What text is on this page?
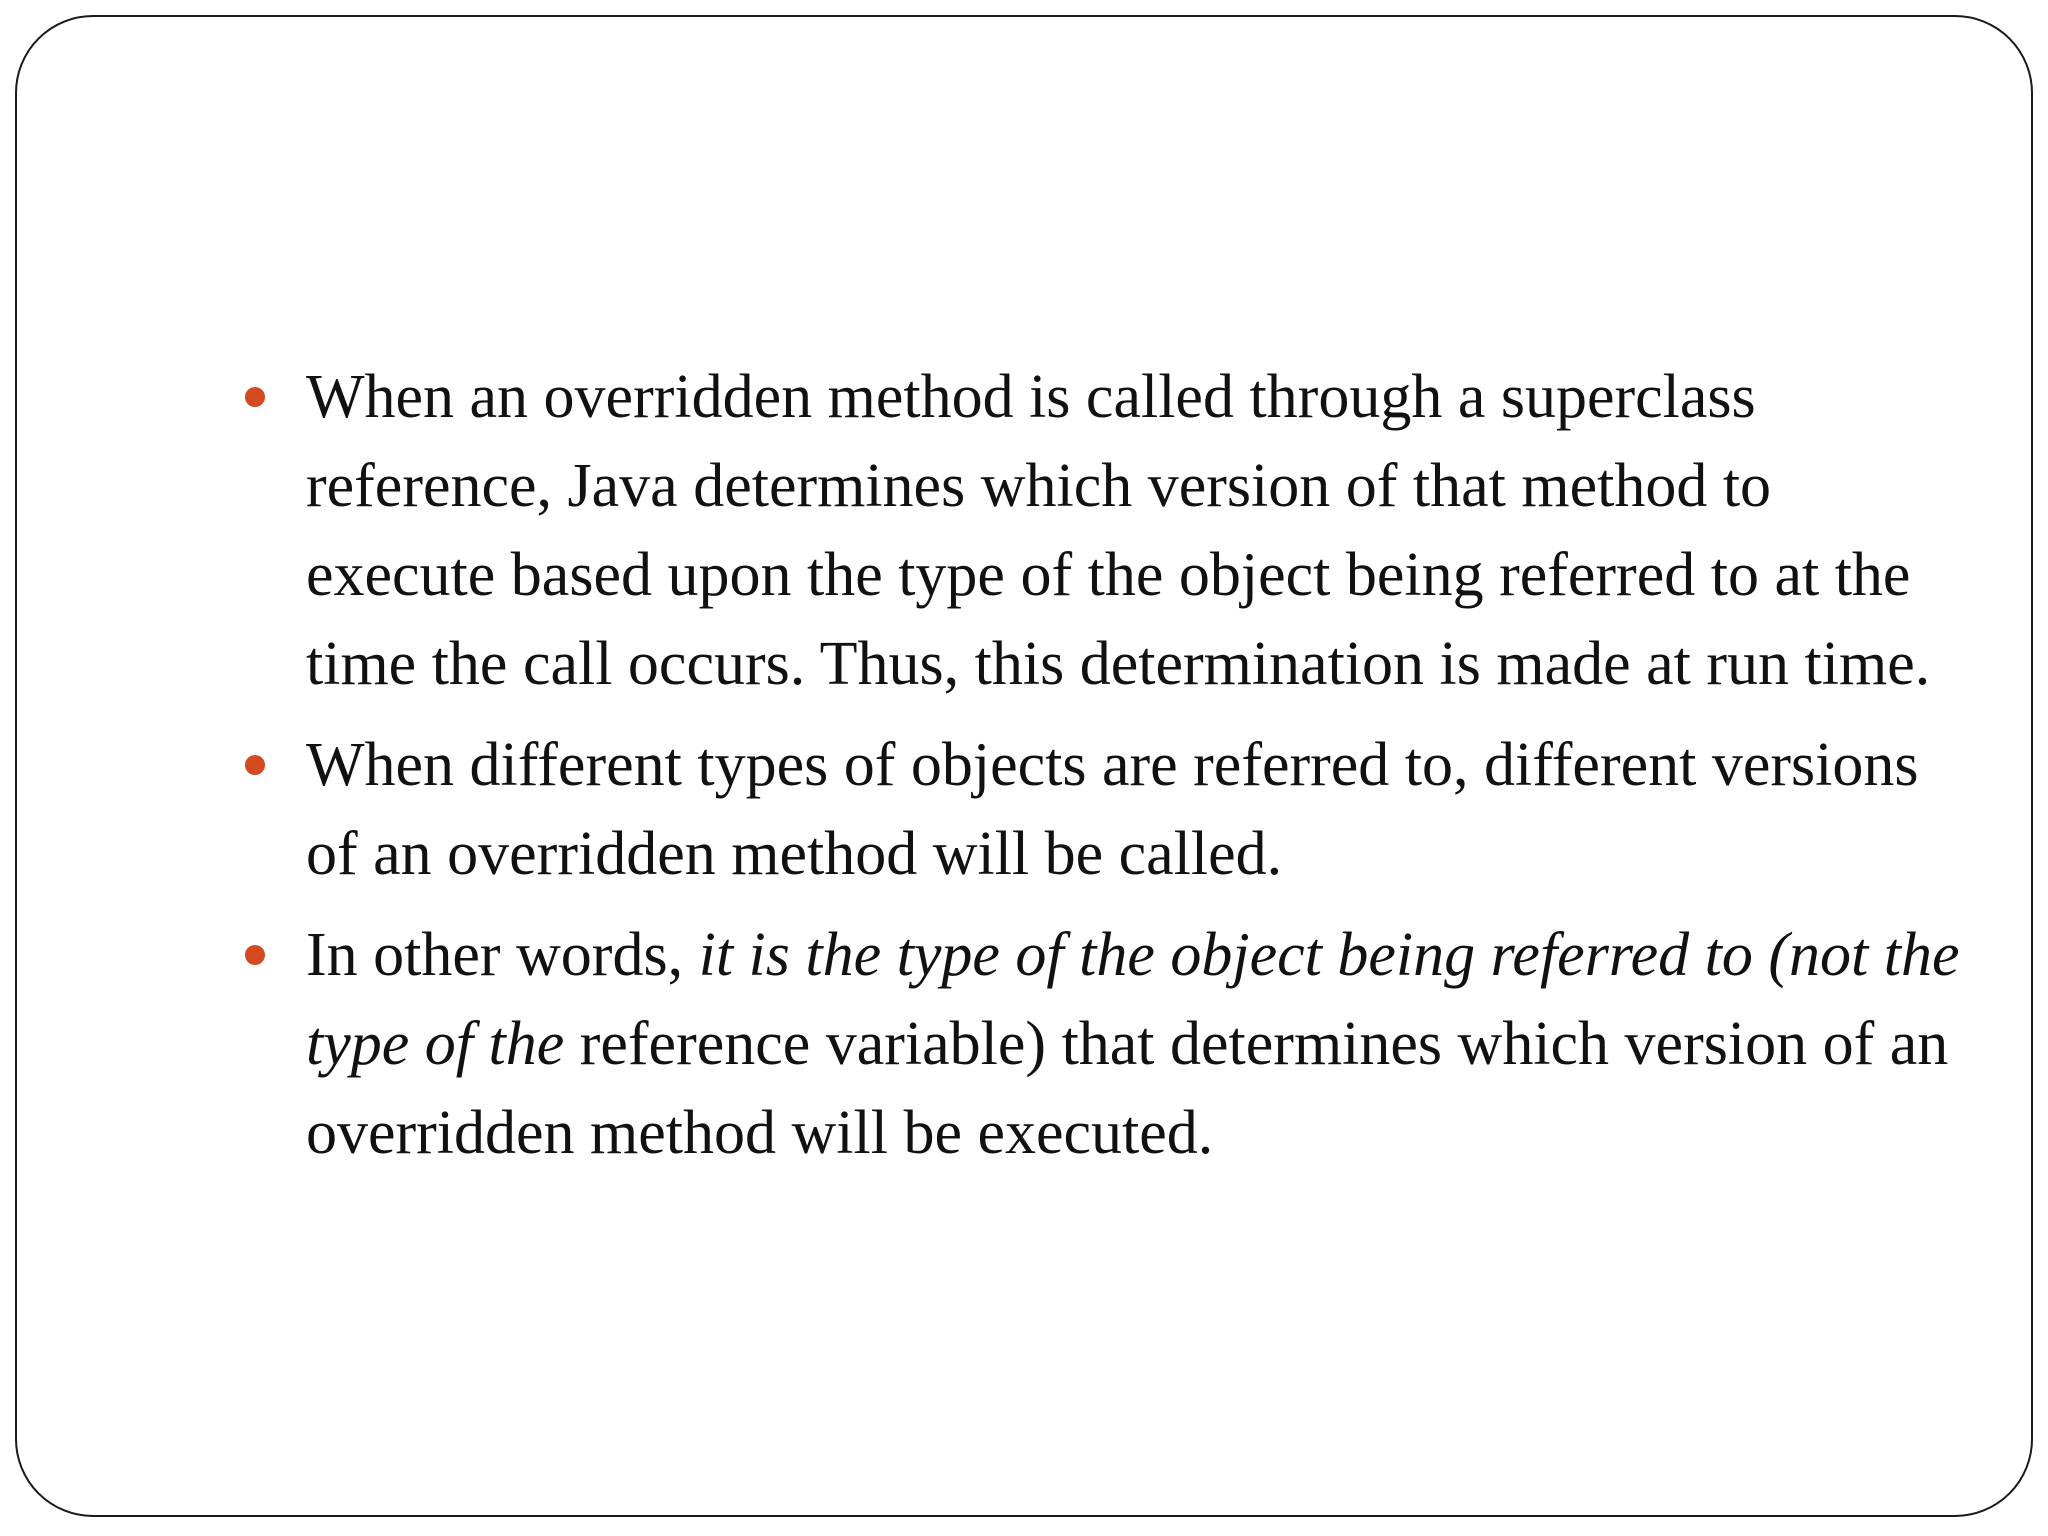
When an overridden method is called through a superclass reference, Java determines which version of that method to execute based upon the type of the object being referred to at the time the call occurs. Thus, this determination is made at run time.
When different types of objects are referred to, different versions of an overridden method will be called.
In other words, it is the type of the object being referred to (not the type of the reference variable) that determines which version of an overridden method will be executed.
